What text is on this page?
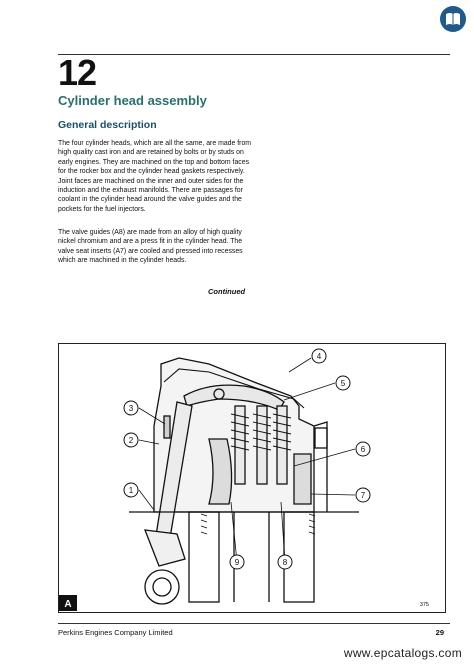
12
Cylinder head assembly
General description

The four cylinder heads, which are all the same, are made from high quality cast iron and are retained by bolts or by studs on early engines. They are machined on the top and bottom faces for the rocker box and the cylinder head gaskets respectively. Joint faces are machined on the inner and outer sides for the induction and the exhaust manifolds. There are passages for coolant in the cylinder head around the valve guides and the pockets for the fuel injectors.

The valve guides (A8) are made from an alloy of high quality nickel chromium and are a press fit in the cylinder head. The valve seat inserts (A7) are cooled and pressed into recesses which are machined in the cylinder heads.

Continued
1
2
3
4
5
6
7
8
9
A	375
Perkins Engines Company Limited	29
www.epcatalogs.com
